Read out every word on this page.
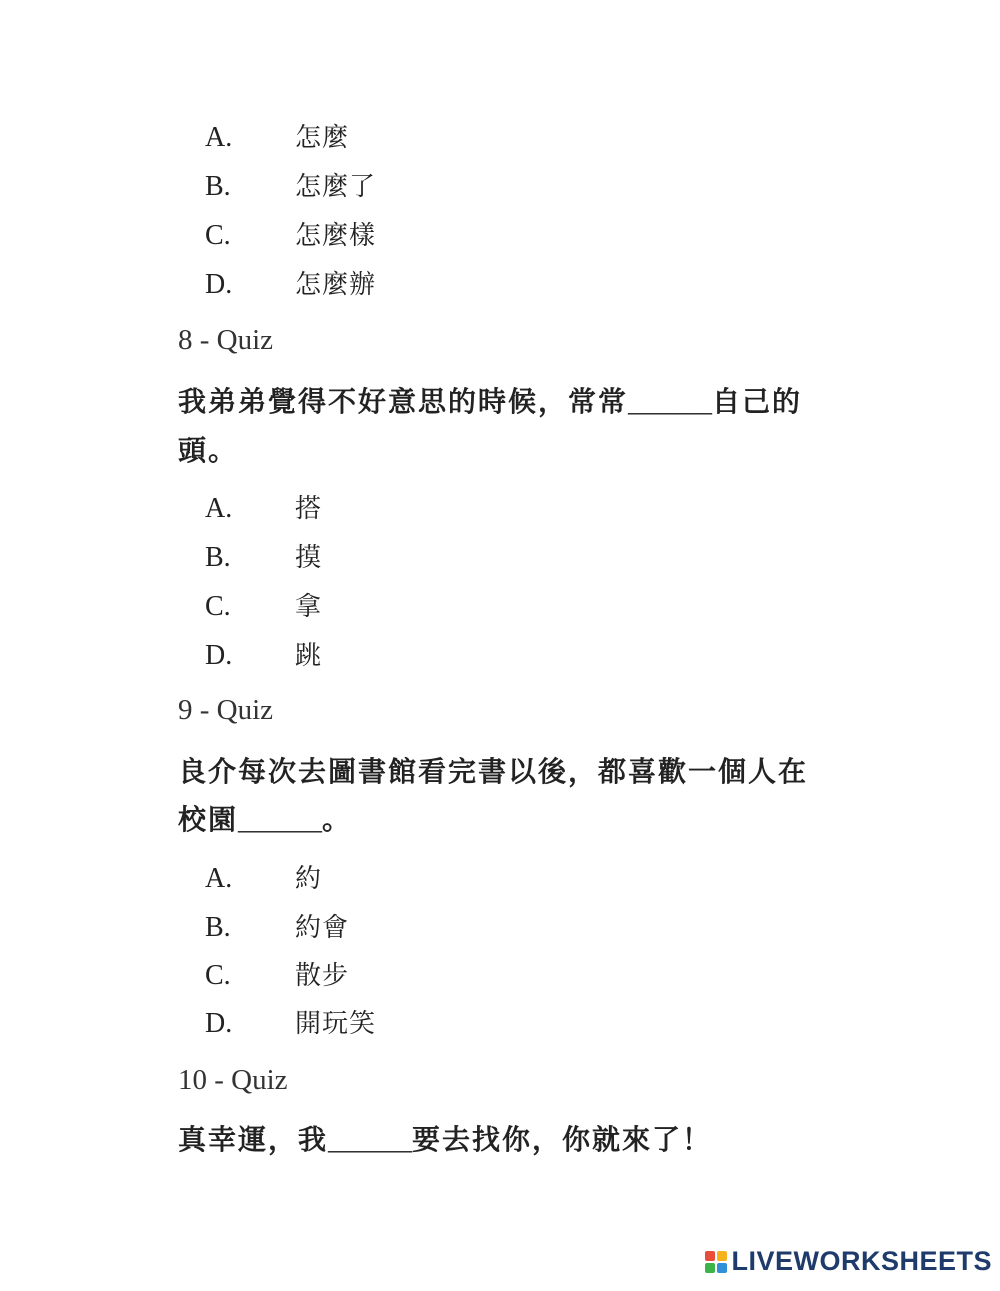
A. 怎麼
B. 怎麼了
C. 怎麼樣
D. 怎麼辦
8 - Quiz
我弟弟覺得不好意思的時候，常常______自己的
頭。
A. 搭
B. 摸
C. 拿
D. 跳
9 - Quiz
良介每次去圖書館看完書以後，都喜歡一個人在
校園______。
A. 約
B. 約會
C. 散步
D. 開玩笑
10 - Quiz
真幸運，我______要去找你，你就來了！
LIVEWORKSHEETS
